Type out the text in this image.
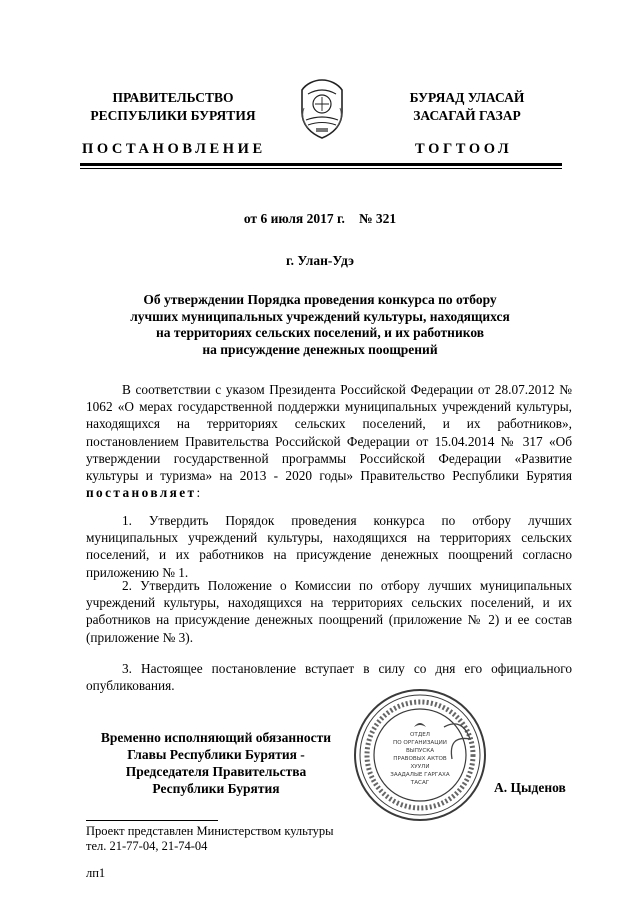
ПРАВИТЕЛЬСТВО
РЕСПУБЛИКИ БУРЯТИЯ
БУРЯАД УЛАСАЙ
ЗАСАГАЙ ГАЗАР
ПОСТАНОВЛЕНИЕ	ТОГТООЛ
от 6 июля 2017 г. № 321
г. Улан-Удэ
Об утверждении Порядка проведения конкурса по отбору
лучших муниципальных учреждений культуры, находящихся
на территориях сельских поселений, и их работников
на присуждение денежных поощрений
В соответствии с указом Президента Российской Федерации от 28.07.2012 № 1062 «О мерах государственной поддержки муниципальных учреждений культуры, находящихся на территориях сельских поселений, и их работников», постановлением Правительства Российской Федерации от 15.04.2014 № 317 «Об утверждении государственной программы Российской Федерации «Развитие культуры и туризма» на 2013 - 2020 годы» Правительство Республики Бурятия постановляет:
1. Утвердить Порядок проведения конкурса по отбору лучших муниципальных учреждений культуры, находящихся на территориях сельских поселений, и их работников на присуждение денежных поощрений согласно приложению № 1.
2. Утвердить Положение о Комиссии по отбору лучших муниципальных учреждений культуры, находящихся на территориях сельских поселений, и их работников на присуждение денежных поощрений (приложение № 2) и ее состав (приложение № 3).
3. Настоящее постановление вступает в силу со дня его официального опубликования.
Временно исполняющий обязанности
Главы Республики Бурятия -
Председателя Правительства
Республики Бурятия
ОТДЕЛ
ПО ОРГАНИЗАЦИИ
ВЫПУСКА
ПРАВОВЫХ АКТОВ
ХУУЛИ
ЗААДАЛЫЕ ГАРГАХА
ТАСАГ	А. Цыденов
Проект представлен Министерством культуры
тел. 21-77-04, 21-74-04
лп1
